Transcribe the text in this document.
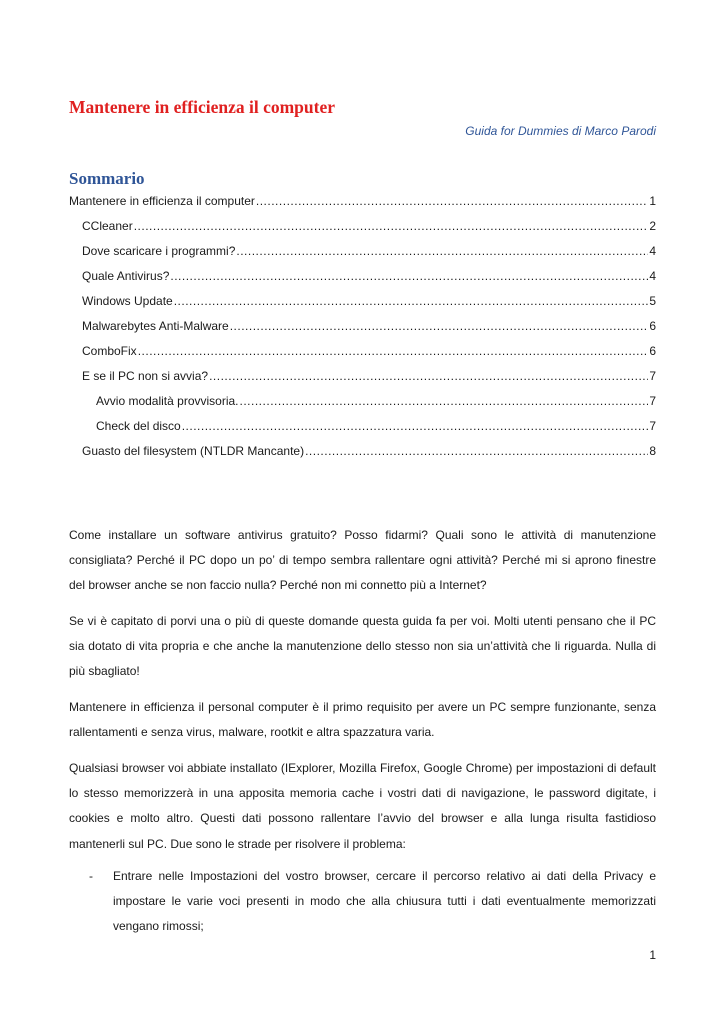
Mantenere in efficienza il computer
Guida for Dummies di Marco Parodi
Sommario
Mantenere in efficienza il computer .....	1
CCleaner .....	2
Dove scaricare i programmi? .....	4
Quale Antivirus? .....	4
Windows Update .....	5
Malwarebytes Anti-Malware .....	6
ComboFix .....	6
E se il PC non si avvia? .....	7
Avvio modalità provvisoria. .....	7
Check del disco .....	7
Guasto del filesystem (NTLDR Mancante) .....	8

Come installare un software antivirus gratuito? Posso fidarmi? Quali sono le attività di manutenzione consigliata? Perché il PC dopo un po’ di tempo sembra rallentare ogni attività? Perché mi si aprono finestre del browser anche se non faccio nulla? Perché non mi connetto più a Internet?

Se vi è capitato di porvi una o più di queste domande questa guida fa per voi. Molti utenti pensano che il PC sia dotato di vita propria e che anche la manutenzione dello stesso non sia un’attività che li riguarda. Nulla di più sbagliato!

Mantenere in efficienza il personal computer è il primo requisito per avere un PC sempre funzionante, senza rallentamenti e senza virus, malware, rootkit e altra spazzatura varia.

Qualsiasi browser voi abbiate installato (IExplorer, Mozilla Firefox, Google Chrome) per impostazioni di default lo stesso memorizzerà in una apposita memoria cache i vostri dati di navigazione, le password digitate, i cookies e molto altro. Questi dati possono rallentare l’avvio del browser e alla lunga risulta fastidioso mantenerli sul PC. Due sono le strade per risolvere il problema:

- Entrare nelle Impostazioni del vostro browser, cercare il percorso relativo ai dati della Privacy e impostare le varie voci presenti in modo che alla chiusura tutti i dati eventualmente memorizzati vengano rimossi;
1
